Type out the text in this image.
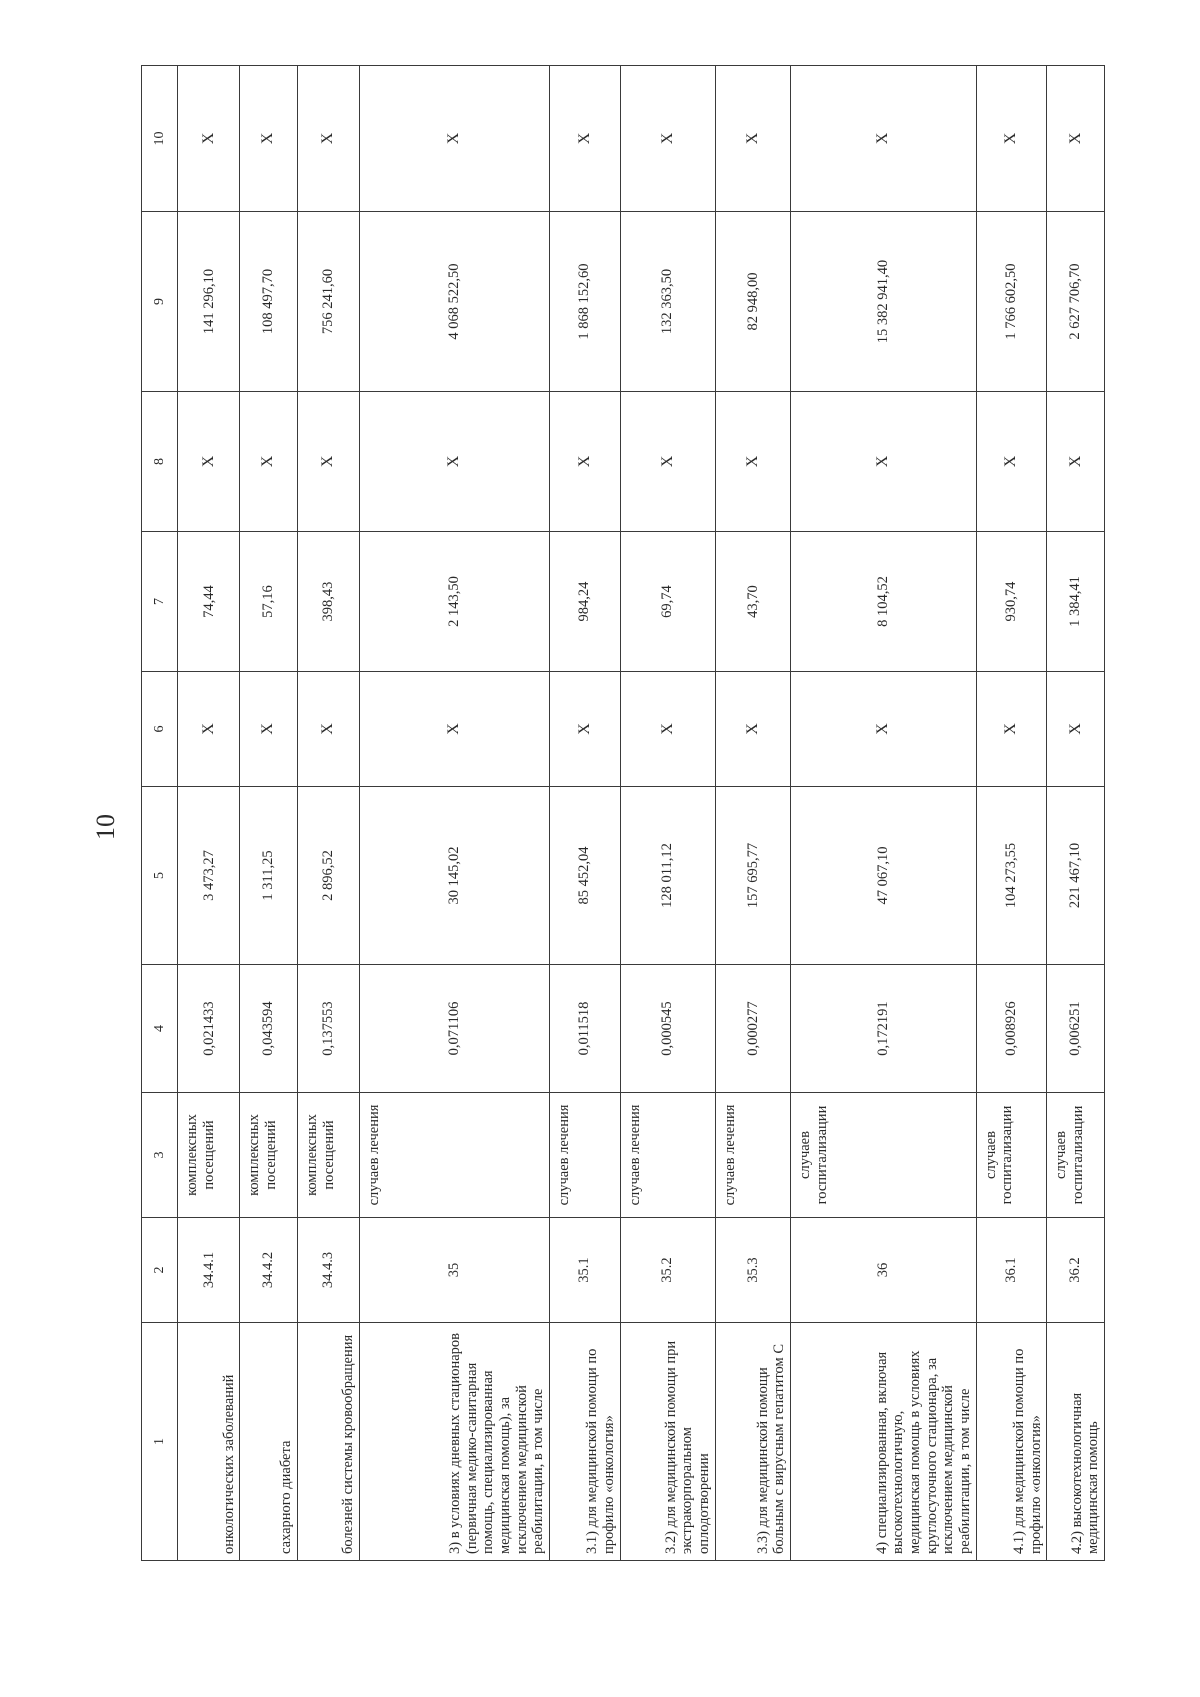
10
1	2	3	4	5	6	7	8	9	10
онкологических заболеваний	34.4.1	комплексных посещений	0,021433	3 473,27	X	74,44	X	141 296,10	X
сахарного диабета	34.4.2	комплексных посещений	0,043594	1 311,25	X	57,16	X	108 497,70	X
болезней системы кровообращения	34.4.3	комплексных посещений	0,137553	2 896,52	X	398,43	X	756 241,60	X
3) в условиях дневных стационаров (первичная медико-санитарная помощь, специализированная медицинская помощь), за исключением медицинской реабилитации, в том числе	35	случаев лечения	0,071106	30 145,02	X	2 143,50	X	4 068 522,50	X
3.1) для медицинской помощи по профилю «онкология»	35.1	случаев лечения	0,011518	85 452,04	X	984,24	X	1 868 152,60	X
3.2) для медицинской помощи при экстракорпоральном оплодотворении	35.2	случаев лечения	0,000545	128 011,12	X	69,74	X	132 363,50	X
3.3) для медицинской помощи больным с вирусным гепатитом С	35.3	случаев лечения	0,000277	157 695,77	X	43,70	X	82 948,00	X
4) специализированная, включая высокотехнологичную, медицинская помощь в условиях круглосуточного стационара, за исключением медицинской реабилитации, в том числе	36	случаев госпитализации	0,172191	47 067,10	X	8 104,52	X	15 382 941,40	X
4.1) для медицинской помощи по профилю «онкология»	36.1	случаев госпитализации	0,008926	104 273,55	X	930,74	X	1 766 602,50	X
4.2) высокотехнологичная медицинская помощь	36.2	случаев госпитализации	0,006251	221 467,10	X	1 384,41	X	2 627 706,70	X
